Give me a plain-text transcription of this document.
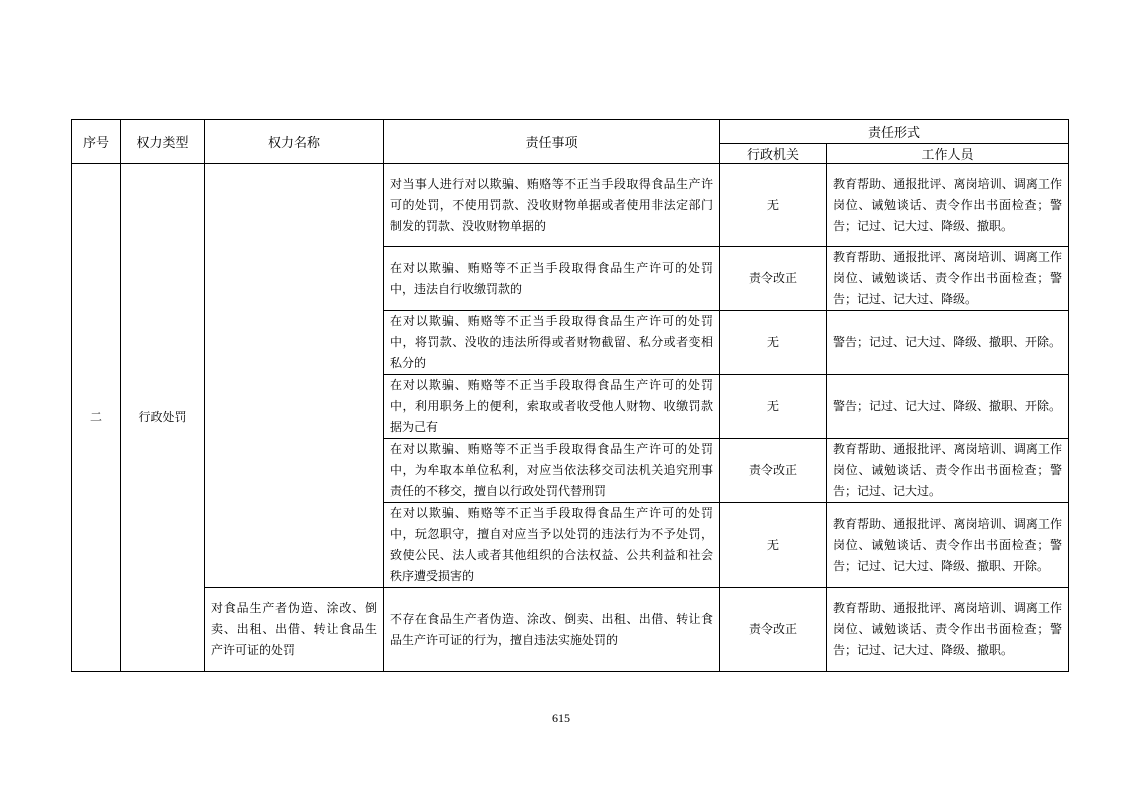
序号	权力类型	权力名称	责任事项	责任形式	
				行政机关	工作人员
二	行政处罚		对当事人进行对以欺骗、贿赂等不正当手段取得食品生产许可的处罚，不使用罚款、没收财物单据或者使用非法定部门制发的罚款、没收财物单据的	无	教育帮助、通报批评、离岗培训、调离工作岗位、诫勉谈话、责令作出书面检查；警告；记过、记大过、降级、撤职。
			在对以欺骗、贿赂等不正当手段取得食品生产许可的处罚中，违法自行收缴罚款的	责令改正	教育帮助、通报批评、离岗培训、调离工作岗位、诫勉谈话、责令作出书面检查；警告；记过、记大过、降级。
			在对以欺骗、贿赂等不正当手段取得食品生产许可的处罚中，将罚款、没收的违法所得或者财物截留、私分或者变相私分的	无	警告；记过、记大过、降级、撤职、开除。
			在对以欺骗、贿赂等不正当手段取得食品生产许可的处罚中，利用职务上的便利，索取或者收受他人财物、收缴罚款据为己有	无	警告；记过、记大过、降级、撤职、开除。
			在对以欺骗、贿赂等不正当手段取得食品生产许可的处罚中，为牟取本单位私利，对应当依法移交司法机关追究刑事责任的不移交，擅自以行政处罚代替刑罚	责令改正	教育帮助、通报批评、离岗培训、调离工作岗位、诫勉谈话、责令作出书面检查；警告；记过、记大过。
			在对以欺骗、贿赂等不正当手段取得食品生产许可的处罚中，玩忽职守，擅自对应当予以处罚的违法行为不予处罚，致使公民、法人或者其他组织的合法权益、公共利益和社会秩序遭受损害的	无	教育帮助、通报批评、离岗培训、调离工作岗位、诫勉谈话、责令作出书面检查；警告；记过、记大过、降级、撤职、开除。
		对食品生产者伪造、涂改、倒卖、出租、出借、转让食品生产许可证的处罚	不存在食品生产者伪造、涂改、倒卖、出租、出借、转让食品生产许可证的行为，擅自违法实施处罚的	责令改正	教育帮助、通报批评、离岗培训、调离工作岗位、诫勉谈话、责令作出书面检查；警告；记过、记大过、降级、撤职。
615
